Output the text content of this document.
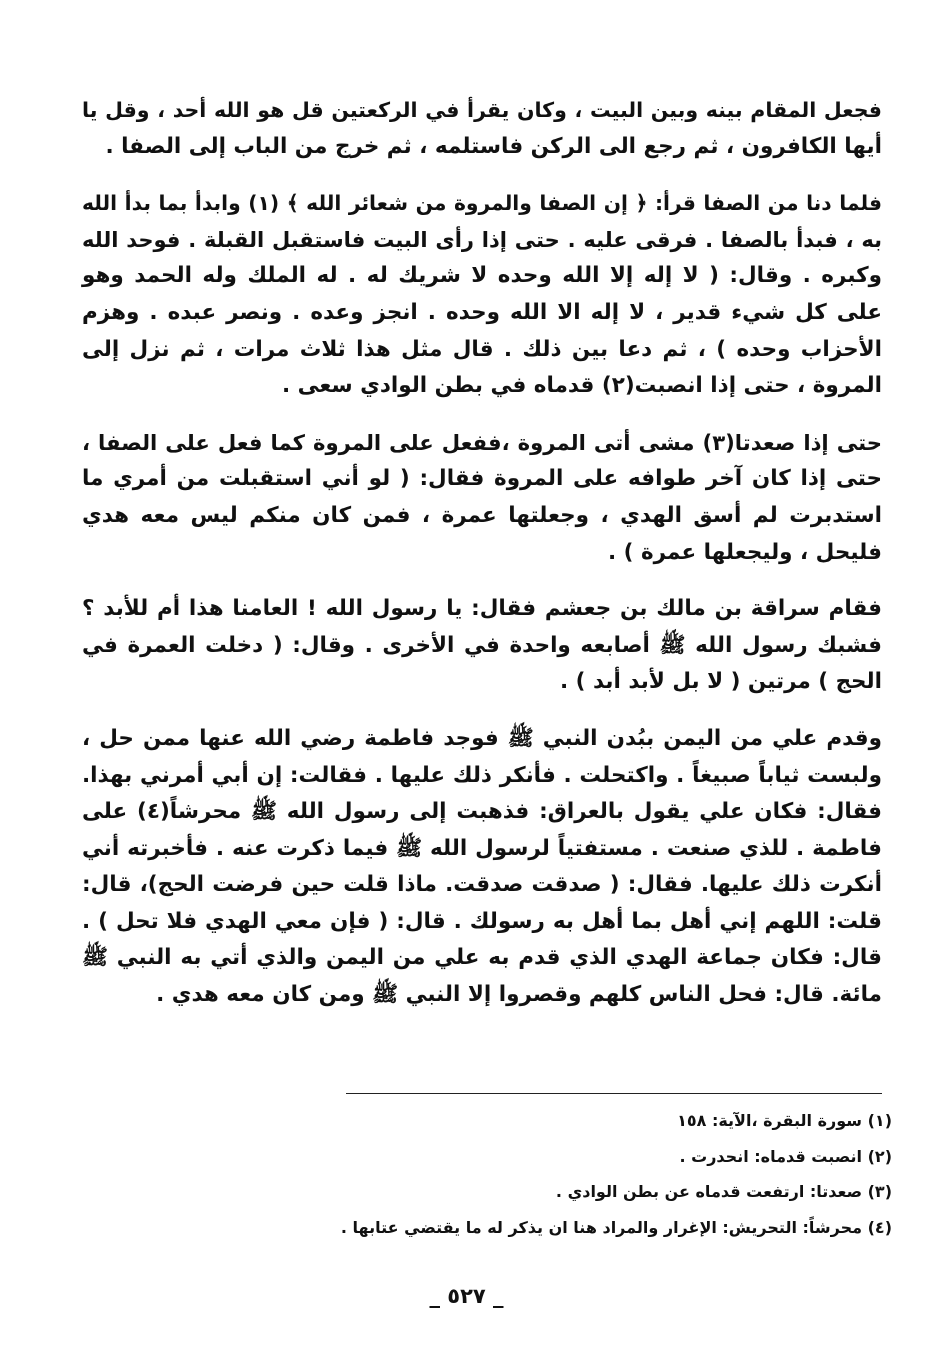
فجعل المقام بينه وبين البيت ، وكان يقرأ في الركعتين قل هو الله أحد ، وقل يا
أيها الكافرون ، ثم رجع الى الركن فاستلمه ، ثم خرج من الباب إلى الصفا .
فلما دنا من الصفا قرأ: ﴿ إن الصفا والمروة من شعائر الله ﴾ (١) وابدأ بما بدأ الله
به ، فبدأ بالصفا . فرقى عليه . حتى إذا رأى البيت فاستقبل القبلة . فوحد الله
وكبره . وقال: ( لا إله إلا الله وحده لا شريك له . له الملك وله الحمد وهو
على كل شيء قدير ، لا إله الا الله وحده . انجز وعده . ونصر عبده . وهزم
الأحزاب وحده ) ، ثم دعا بين ذلك . قال مثل هذا ثلاث مرات ، ثم نزل إلى
المروة ، حتى إذا انصبت(٢) قدماه في بطن الوادي سعى .
حتى إذا صعدتا(٣) مشى أتى المروة ،ففعل على المروة كما فعل على الصفا ،
حتى إذا كان آخر طوافه على المروة فقال: ( لو أني استقبلت من أمري ما
استدبرت لم أسق الهدي ، وجعلتها عمرة ، فمن كان منكم ليس معه هدي
فليحل ، وليجعلها عمرة ) .
فقام سراقة بن مالك بن جعشم فقال: يا رسول الله ! العامنا هذا أم للأبد ؟
فشبك رسول الله ﷺ أصابعه واحدة في الأخرى . وقال: ( دخلت العمرة في
الحج ) مرتين ( لا بل لأبد أبد ) .
وقدم علي من اليمن ببُدن النبي ﷺ فوجد فاطمة رضي الله عنها ممن حل ،
ولبست ثياباً صبيغاً . واكتحلت . فأنكر ذلك عليها . فقالت: إن أبي أمرني بهذا.
فقال: فكان علي يقول بالعراق: فذهبت إلى رسول الله ﷺ محرشاً(٤) على
فاطمة . للذي صنعت . مستفتياً لرسول الله ﷺ فيما ذكرت عنه . فأخبرته أني
أنكرت ذلك عليها. فقال: ( صدقت صدقت. ماذا قلت حين فرضت الحج)، قال:
قلت: اللهم إني أهل بما أهل به رسولك . قال: ( فإن معي الهدي فلا تحل ) .
قال: فكان جماعة الهدي الذي قدم به علي من اليمن والذي أتي به النبي ﷺ
مائة. قال: فحل الناس كلهم وقصروا إلا النبي ﷺ ومن كان معه هدي .
(١) سورة البقرة ،الآية: ١٥٨
(٢) انصبت قدماه: انحدرت .
(٣) صعدتا: ارتفعت قدماه عن بطن الوادي .
(٤) محرشاً: التحريش: الإغرار والمراد هنا ان يذكر له ما يقتضي عتابها .
_ ٥٢٧ _
